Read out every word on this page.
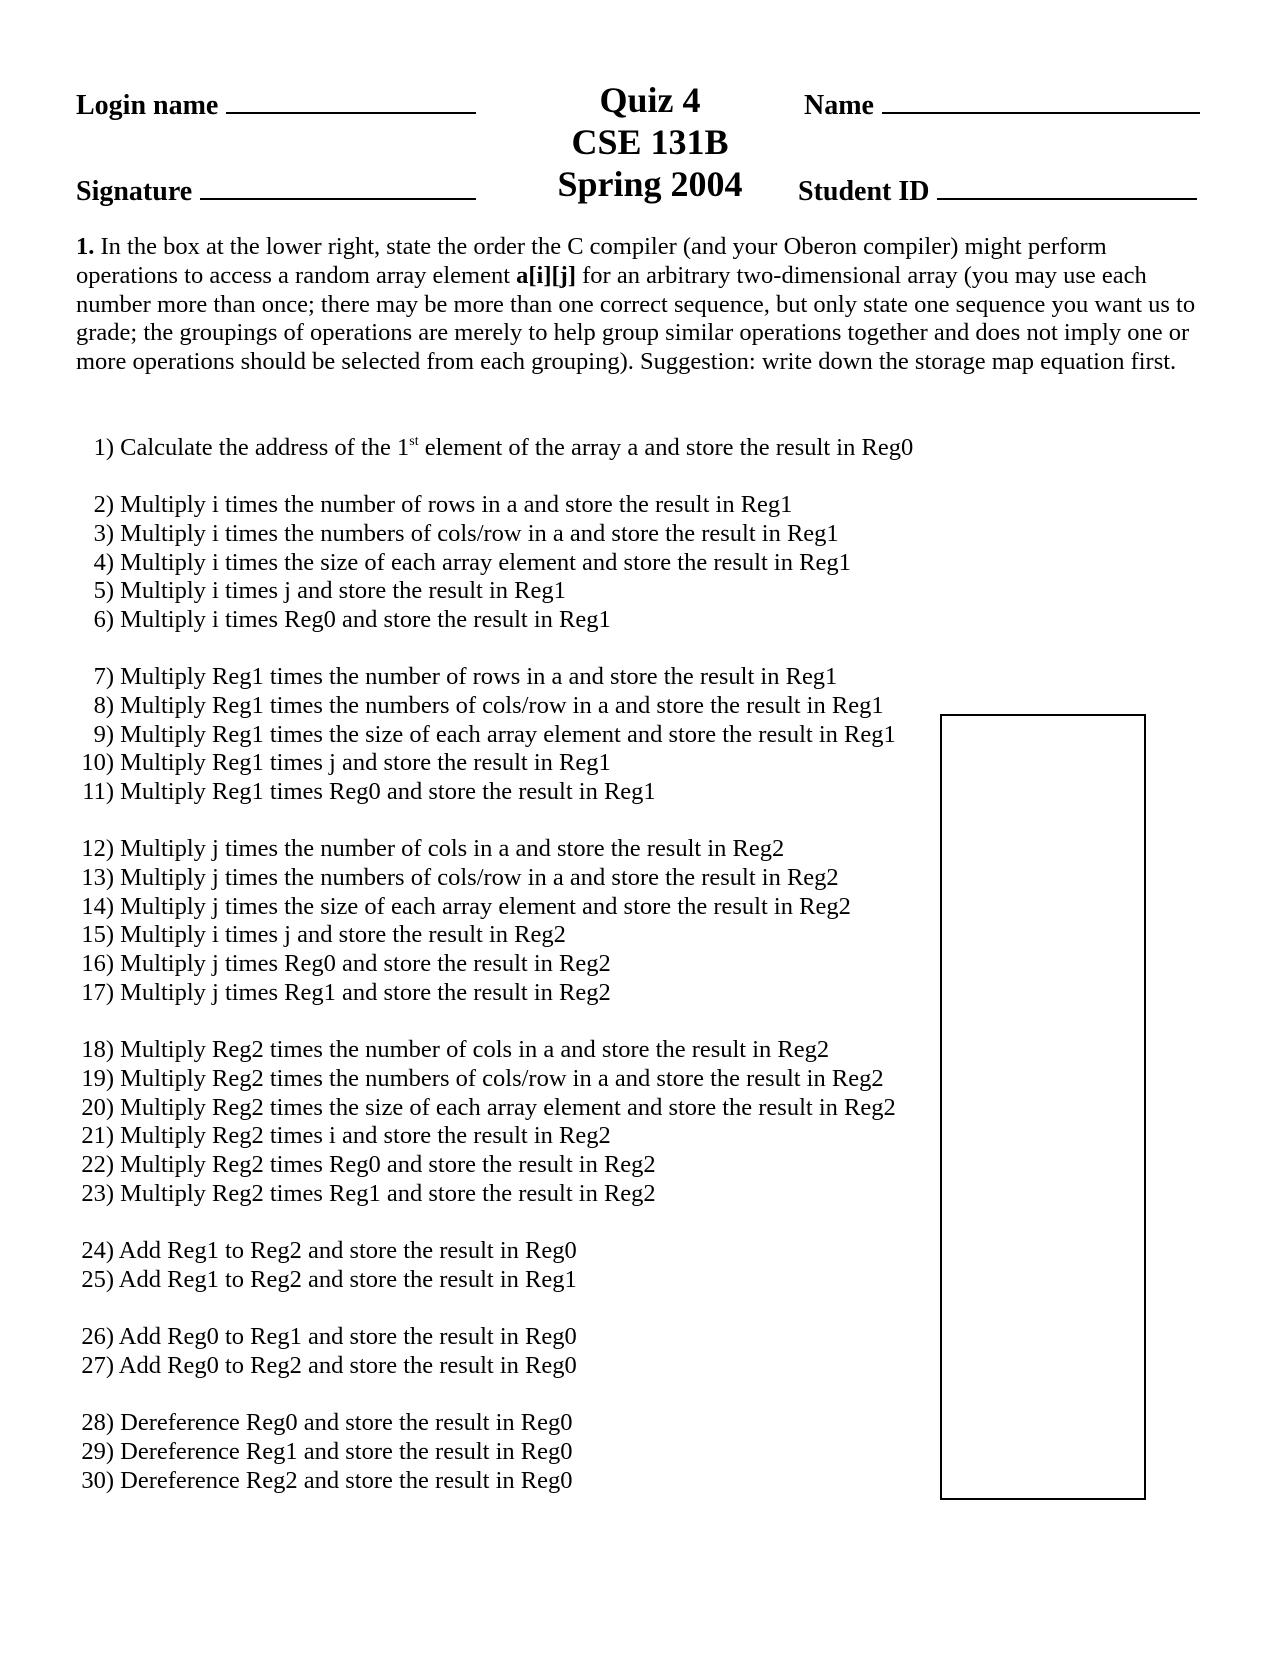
Login name
Signature
Name
Student ID
Quiz 4
CSE 131B
Spring 2004
1. In the box at the lower right, state the order the C compiler (and your Oberon compiler) might perform operations to access a random array element a[i][j] for an arbitrary two-dimensional array (you may use each number more than once; there may be more than one correct sequence, but only state one sequence you want us to grade; the groupings of operations are merely to help group similar operations together and does not imply one or more operations should be selected from each grouping). Suggestion: write down the storage map equation first.
1) Calculate the address of the 1st element of the array a and store the result in Reg0
2) Multiply i times the number of rows in a and store the result in Reg1
3) Multiply i times the numbers of cols/row in a and store the result in Reg1
4) Multiply i times the size of each array element and store the result in Reg1
5) Multiply i times j and store the result in Reg1
6) Multiply i times Reg0 and store the result in Reg1
7) Multiply Reg1 times the number of rows in a and store the result in Reg1
8) Multiply Reg1 times the numbers of cols/row in a and store the result in Reg1
9) Multiply Reg1 times the size of each array element and store the result in Reg1
10) Multiply Reg1 times j and store the result in Reg1
11) Multiply Reg1 times Reg0 and store the result in Reg1
12) Multiply j times the number of cols in a and store the result in Reg2
13) Multiply j times the numbers of cols/row in a and store the result in Reg2
14) Multiply j times the size of each array element and store the result in Reg2
15) Multiply i times j and store the result in Reg2
16) Multiply j times Reg0 and store the result in Reg2
17) Multiply j times Reg1 and store the result in Reg2
18) Multiply Reg2 times the number of cols in a and store the result in Reg2
19) Multiply Reg2 times the numbers of cols/row in a and store the result in Reg2
20) Multiply Reg2 times the size of each array element and store the result in Reg2
21) Multiply Reg2 times i and store the result in Reg2
22) Multiply Reg2 times Reg0 and store the result in Reg2
23) Multiply Reg2 times Reg1 and store the result in Reg2
24) Add Reg1 to Reg2 and store the result in Reg0
25) Add Reg1 to Reg2 and store the result in Reg1
26) Add Reg0 to Reg1 and store the result in Reg0
27) Add Reg0 to Reg2 and store the result in Reg0
28) Dereference Reg0 and store the result in Reg0
29) Dereference Reg1 and store the result in Reg0
30) Dereference Reg2 and store the result in Reg0
